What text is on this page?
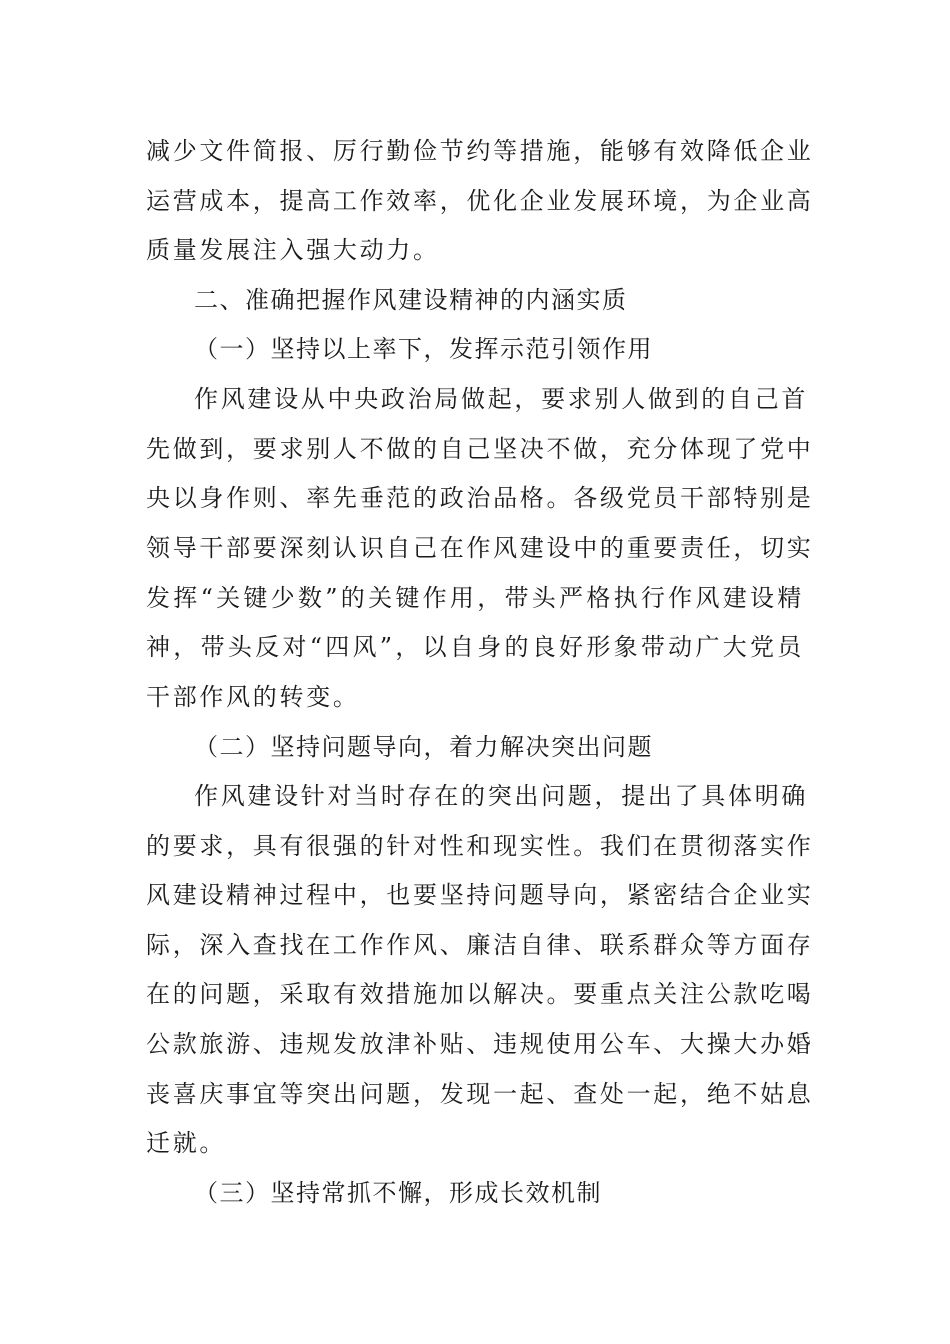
减少文件简报、厉行勤俭节约等措施，能够有效降低企业
运营成本，提高工作效率，优化企业发展环境，为企业高
质量发展注入强大动力。
二、准确把握作风建设精神的内涵实质
（一）坚持以上率下，发挥示范引领作用
作风建设从中央政治局做起，要求别人做到的自己首
先做到，要求别人不做的自己坚决不做，充分体现了党中
央以身作则、率先垂范的政治品格。各级党员干部特别是
领导干部要深刻认识自己在作风建设中的重要责任，切实
发挥“关键少数”的关键作用，带头严格执行作风建设精
神，带头反对“四风”，以自身的良好形象带动广大党员
干部作风的转变。
（二）坚持问题导向，着力解决突出问题
作风建设针对当时存在的突出问题，提出了具体明确
的要求，具有很强的针对性和现实性。我们在贯彻落实作
风建设精神过程中，也要坚持问题导向，紧密结合企业实
际，深入查找在工作作风、廉洁自律、联系群众等方面存
在的问题，采取有效措施加以解决。要重点关注公款吃喝
公款旅游、违规发放津补贴、违规使用公车、大操大办婚
丧喜庆事宜等突出问题，发现一起、查处一起，绝不姑息
迁就。
（三）坚持常抓不懈，形成长效机制
